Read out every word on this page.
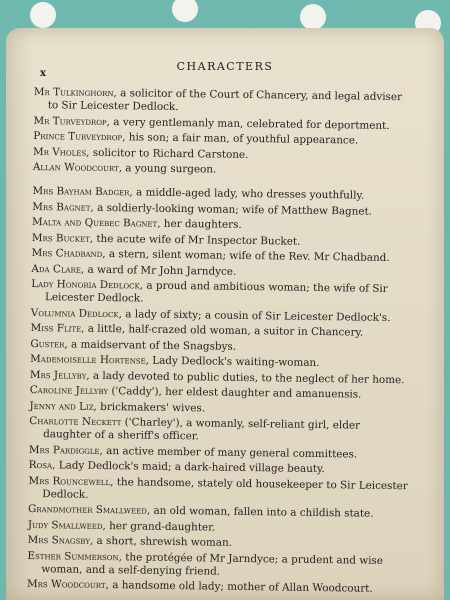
x
CHARACTERS

Mr Tulkinghorn, a solicitor of the Court of Chancery, and legal adviser to Sir Leicester Dedlock.

Mr Turveydrop, a very gentlemanly man, celebrated for deportment.

Prince Turveydrop, his son; a fair man, of youthful appearance.

Mr Vholes, solicitor to Richard Carstone.

Allan Woodcourt, a young surgeon.

Mrs Bayham Badger, a middle-aged lady, who dresses youthfully.

Mrs Bagnet, a soldierly-looking woman; wife of Matthew Bagnet.

Malta and Quebec Bagnet, her daughters.

Mrs Bucket, the acute wife of Mr Inspector Bucket.

Mrs Chadband, a stern, silent woman; wife of the Rev. Mr Chadband.

Ada Clare, a ward of Mr John Jarndyce.

Lady Honoria Dedlock, a proud and ambitious woman; the wife of Sir Leicester Dedlock.

Volumnia Dedlock, a lady of sixty; a cousin of Sir Leicester Dedlock's.

Miss Flite, a little, half-crazed old woman, a suitor in Chancery.

Guster, a maidservant of the Snagsbys.

Mademoiselle Hortense, Lady Dedlock's waiting-woman.

Mrs Jellyby, a lady devoted to public duties, to the neglect of her home.

Caroline Jellyby ('Caddy'), her eldest daughter and amanuensis.

Jenny and Liz, brickmakers' wives.

Charlotte Neckett ('Charley'), a womanly, self-reliant girl, elder daughter of a sheriff's officer.

Mrs Pardiggle, an active member of many general committees.

Rosa, Lady Dedlock's maid; a dark-haired village beauty.

Mrs Rouncewell, the handsome, stately old housekeeper to Sir Leicester Dedlock.

Grandmother Smallweed, an old woman, fallen into a childish state.

Judy Smallweed, her grand-daughter.

Mrs Snagsby, a short, shrewish woman.

Esther Summerson, the protégée of Mr Jarndyce; a prudent and wise woman, and a self-denying friend.

Mrs Woodcourt, a handsome old lady; mother of Allan Woodcourt.
